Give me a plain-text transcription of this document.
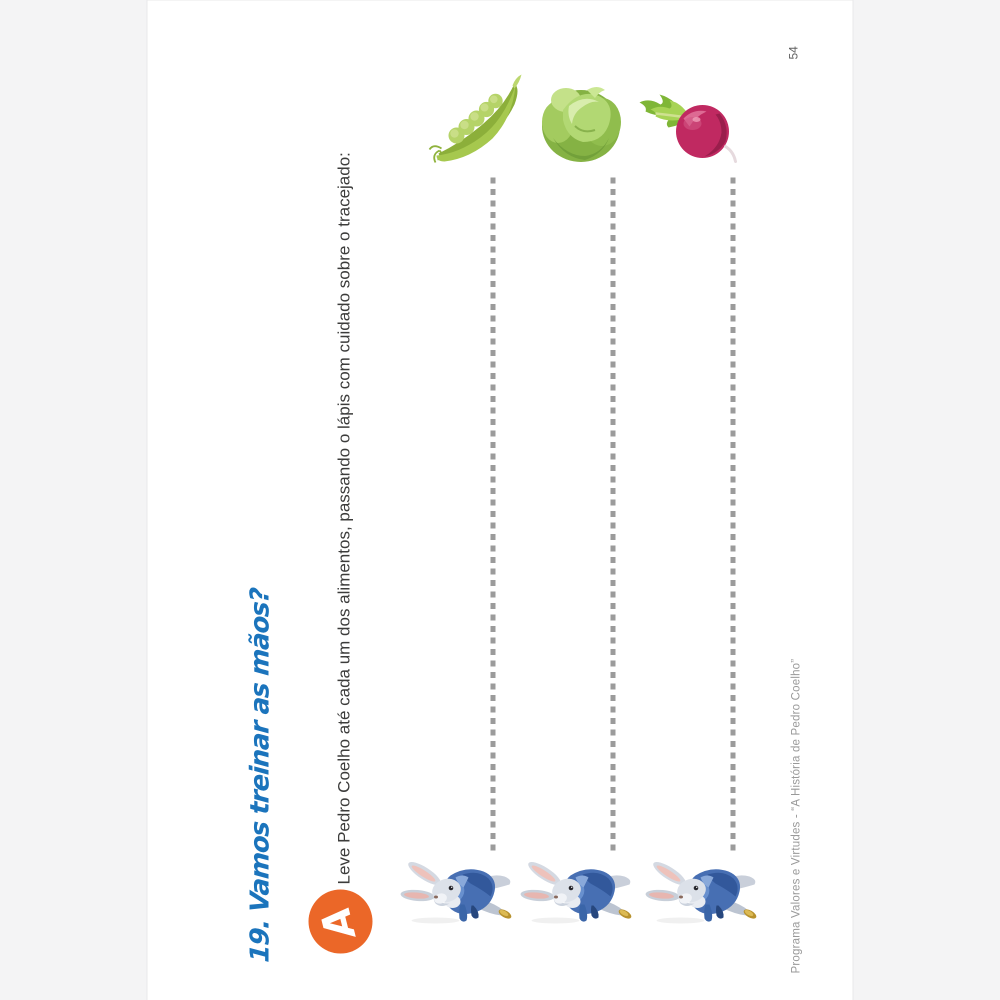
19. Vamos treinar as mãos? A
Leve Pedro Coelho até cada um dos alimentos, passando o lápis com cuidado sobre o tracejado:	Programa Valores e Virtudes - “A História de Pedro Coelho”
54
